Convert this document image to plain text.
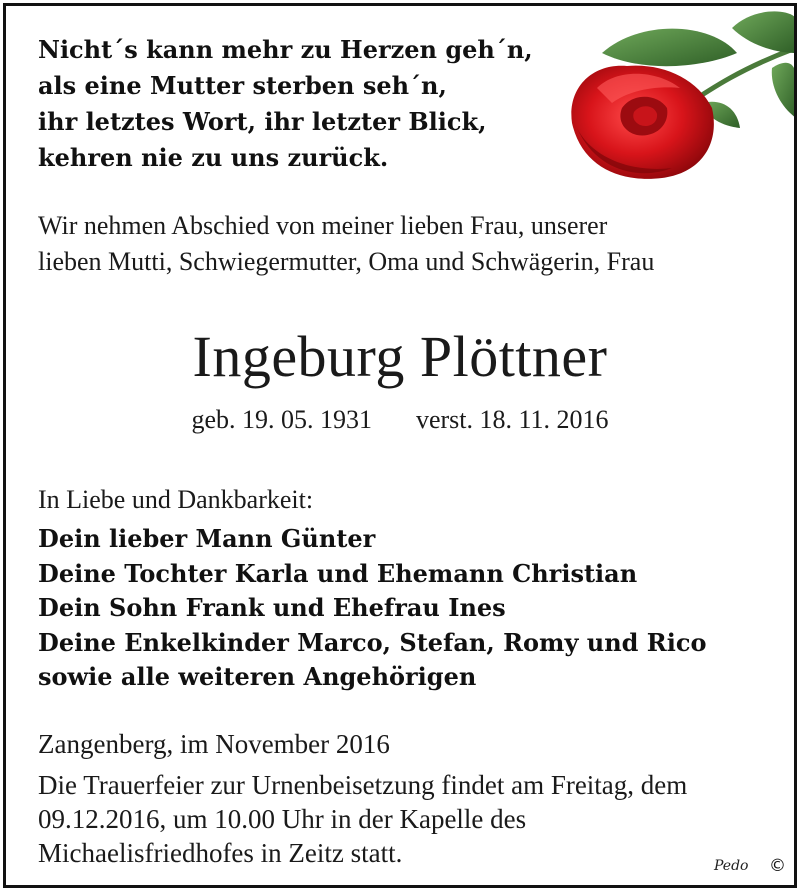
Nicht´s kann mehr zu Herzen geh´n,
als eine Mutter sterben seh´n,
ihr letztes Wort, ihr letzter Blick,
kehren nie zu uns zurück.
Wir nehmen Abschied von meiner lieben Frau, unserer
lieben Mutti, Schwiegermutter, Oma und Schwägerin, Frau
Ingeburg Plöttner
geb. 19. 05. 1931 verst. 18. 11. 2016
In Liebe und Dankbarkeit:
Dein lieber Mann Günter
Deine Tochter Karla und Ehemann Christian
Dein Sohn Frank und Ehefrau Ines
Deine Enkelkinder Marco, Stefan, Romy und Rico
sowie alle weiteren Angehörigen
Zangenberg, im November 2016
Die Trauerfeier zur Urnenbeisetzung findet am Freitag, dem
09.12.2016, um 10.00 Uhr in der Kapelle des
Michaelisfriedhofes in Zeitz statt.	Pedo ©
